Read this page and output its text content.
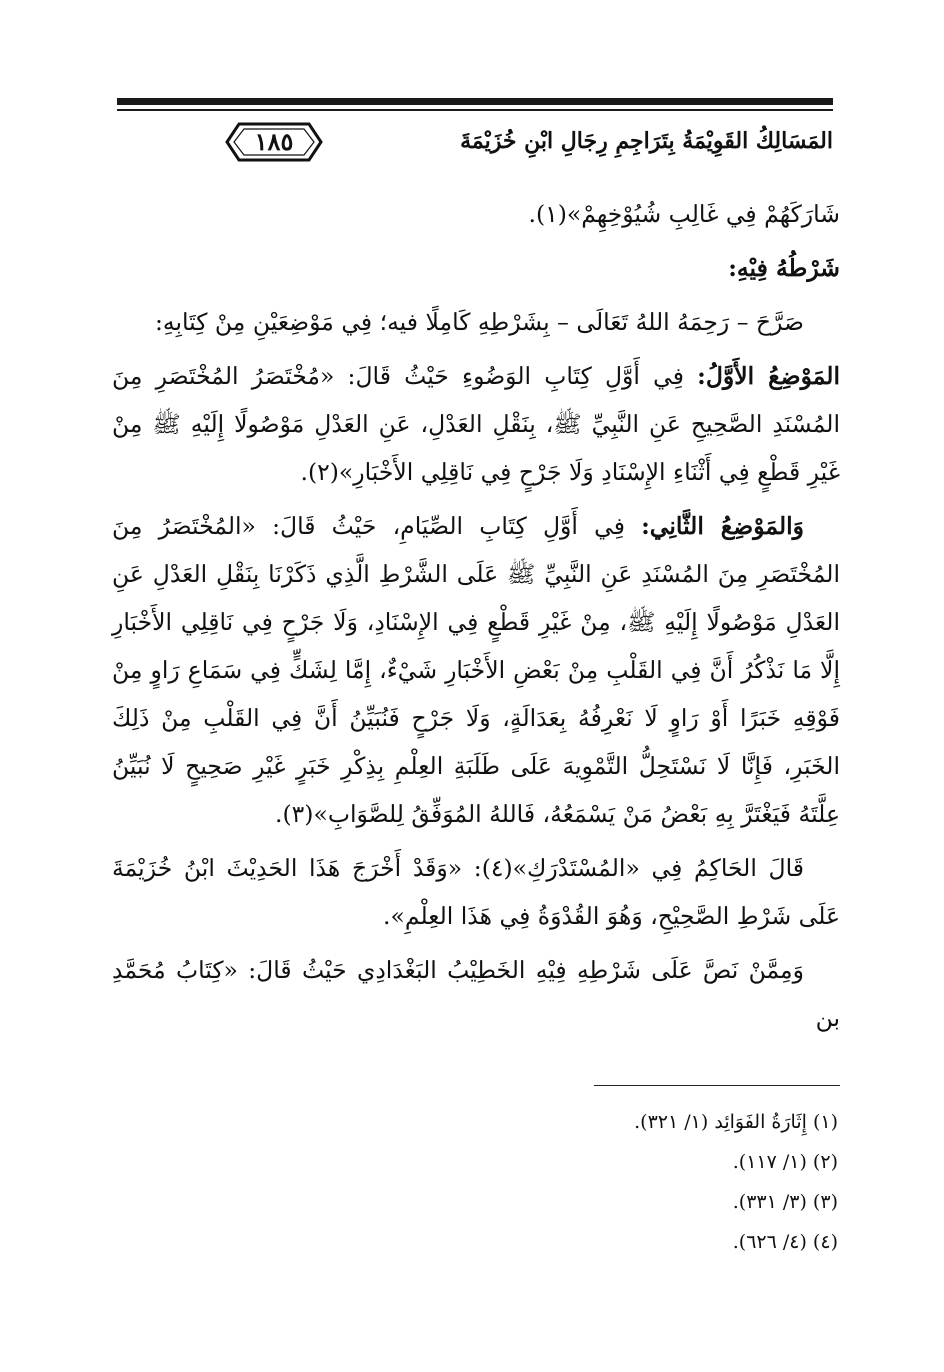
المَسَالِكُ القَوِيْمَةُ بِتَرَاجِمِ رِجَالِ ابْنِ خُزَيْمَةَ
١٨٥

شَارَكَهُمْ فِي غَالِبِ شُيُوْخِهِمْ»(١).

شَرْطُهُ فِيْهِ:

صَرَّحَ – رَحِمَهُ اللهُ تَعَالَى – بِشَرْطِهِ كَامِلًا فيه؛ فِي مَوْضِعَيْنِ مِنْ كِتَابِهِ:

المَوْضِعُ الأَوَّلُ: فِي أَوَّلِ كِتَابِ الوَضُوءِ حَيْثُ قَالَ: «مُخْتَصَرُ المُخْتَصَرِ مِنَ المُسْنَدِ الصَّحِيحِ عَنِ النَّبِيِّ ﷺ، بِنَقْلِ العَدْلِ، عَنِ العَدْلِ مَوْصُولًا إِلَيْهِ ﷺ مِنْ غَيْرِ قَطْعٍ فِي أَثْنَاءِ الإِسْنَادِ وَلَا جَرْحٍ فِي نَاقِلِي الأَخْبَارِ»(٢).

وَالمَوْضِعُ الثَّانِي: فِي أَوَّلِ كِتَابِ الصِّيَامِ، حَيْثُ قَالَ: «المُخْتَصَرُ مِنَ المُخْتَصَرِ مِنَ المُسْنَدِ عَنِ النَّبِيِّ ﷺ عَلَى الشَّرْطِ الَّذِي ذَكَرْنَا بِنَقْلِ العَدْلِ عَنِ العَدْلِ مَوْصُولًا إِلَيْهِ ﷺ، مِنْ غَيْرِ قَطْعٍ فِي الإِسْنَادِ، وَلَا جَرْحٍ فِي نَاقِلِي الأَخْبَارِ إِلَّا مَا نَذْكُرُ أَنَّ فِي القَلْبِ مِنْ بَعْضِ الأَخْبَارِ شَيْءٌ، إِمَّا لِشَكٍّ فِي سَمَاعِ رَاوٍ مِنْ فَوْقِهِ خَبَرًا أَوْ رَاوٍ لَا نَعْرِفُهُ بِعَدَالَةٍ، وَلَا جَرْحٍ فَنُبَيِّنُ أَنَّ فِي القَلْبِ مِنْ ذَلِكَ الخَبَرِ، فَإِنَّا لَا نَسْتَحِلُّ التَّمْوِيهَ عَلَى طَلَبَةِ العِلْمِ بِذِكْرِ خَبَرٍ غَيْرِ صَحِيحٍ لَا نُبَيِّنُ عِلَّتَهُ فَيَغْتَرَّ بِهِ بَعْضُ مَنْ يَسْمَعُهُ، فَاللهُ المُوَفِّقُ لِلصَّوَابِ»(٣).

قَالَ الحَاكِمُ فِي «المُسْتَدْرَكِ»(٤): «وَقَدْ أَخْرَجَ هَذَا الحَدِيْثَ ابْنُ خُزَيْمَةَ عَلَى شَرْطِ الصَّحِيْحِ، وَهُوَ القُدْوَةُ فِي هَذَا العِلْمِ».

وَمِمَّنْ نَصَّ عَلَى شَرْطِهِ فِيْهِ الخَطِيْبُ البَغْدَادِي حَيْثُ قَالَ: «كِتَابُ مُحَمَّدِ بن

(١) إِثَارَةُ الفَوَائِد (١/ ٣٢١).
(٢) (١/ ١١٧).
(٣) (٣/ ٣٣١).
(٤) (٤/ ٦٢٦).
